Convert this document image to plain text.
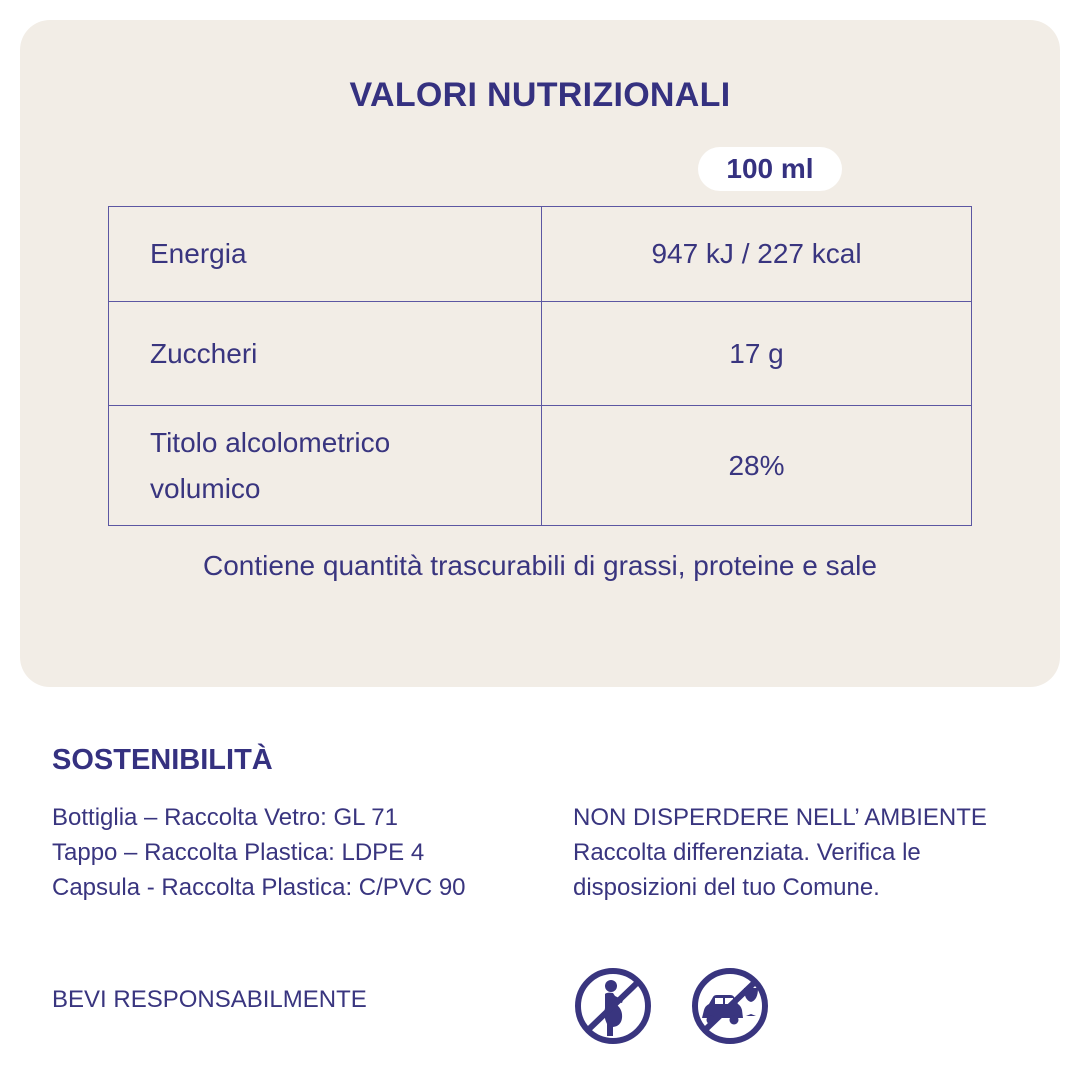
VALORI NUTRIZIONALI
100 ml
Energia	947 kJ / 227 kcal
Zuccheri	17 g
Titolo alcolometrico
volumico	28%
Contiene quantità trascurabili di grassi, proteine e sale
SOSTENIBILITÀ
Bottiglia – Raccolta Vetro: GL 71
Tappo – Raccolta Plastica: LDPE 4
Capsula - Raccolta Plastica: C/PVC 90
NON DISPERDERE NELL’ AMBIENTE
Raccolta differenziata. Verifica le
disposizioni del tuo Comune.
BEVI RESPONSABILMENTE
